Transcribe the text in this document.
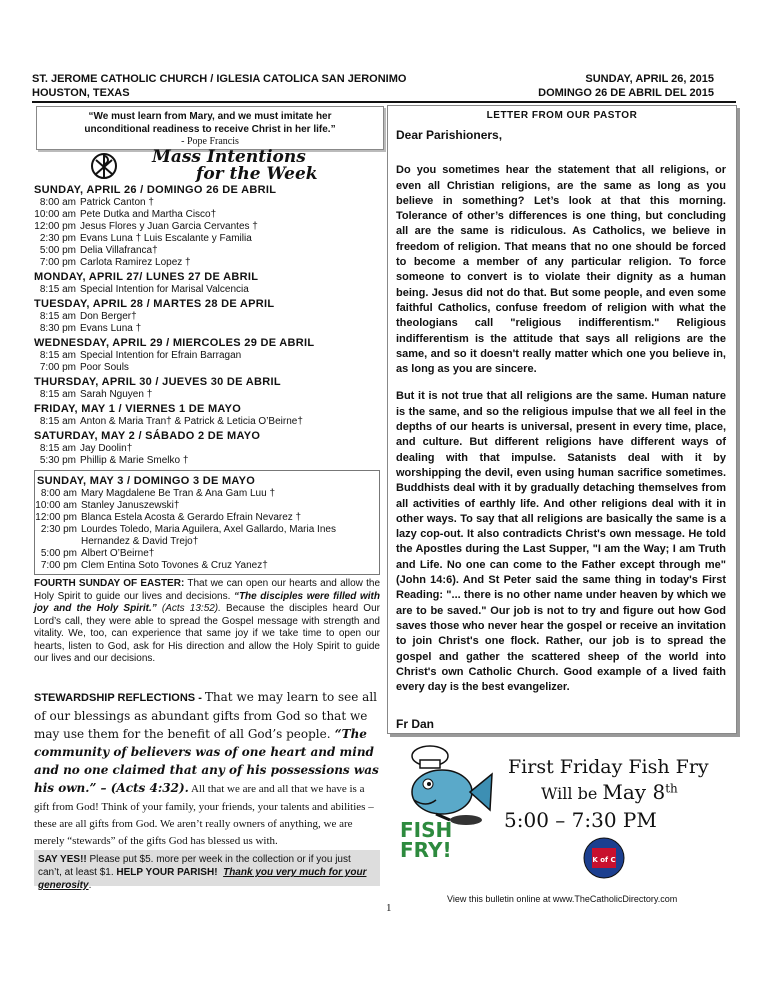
ST. JEROME CATHOLIC CHURCH / IGLESIA CATOLICA SAN JERONIMO
HOUSTON, TEXAS
SUNDAY, APRIL 26, 2015
DOMINGO 26 DE ABRIL DEL 2015
“We must learn from Mary, and we must imitate her
unconditional readiness to receive Christ in her life.”
- Pope Francis
Mass Intentions
for the Week
SUNDAY, APRIL 26 / DOMINGO 26 DE ABRIL
8:00 am Patrick Canton †
10:00 am Pete Dutka and Martha Cisco†
12:00 pm Jesus Flores y Juan Garcia Cervantes †
2:30 pm Evans Luna † Luis Escalante y Familia
5:00 pm Delia Villafranca†
7:00 pm Carlota Ramirez Lopez †
MONDAY, APRIL 27/ LUNES 27 DE ABRIL
8:15 am Special Intention for Marisal Valcencia
TUESDAY, APRIL 28 / MARTES 28 DE APRIL
8:15 am Don Berger†
8:30 pm Evans Luna †
WEDNESDAY, APRIL 29 / MIERCOLES 29 DE ABRIL
8:15 am Special Intention for Efrain Barragan
7:00 pm Poor Souls
THURSDAY, APRIL 30 / JUEVES 30 DE ABRIL
8:15 am Sarah Nguyen †
FRIDAY, MAY 1 / VIERNES 1 DE MAYO
8:15 am Anton & Maria Tran† & Patrick & Leticia O’Beirne†
SATURDAY, MAY 2 / SÁBADO 2 DE MAYO
8:15 am Jay Doolin†
5:30 pm Phillip & Marie Smelko †
SUNDAY, MAY 3 / DOMINGO 3 DE MAYO
8:00 am Mary Magdalene Be Tran & Ana Gam Luu †
10:00 am Stanley Januszewski†
12:00 pm Blanca Estela Acosta & Gerardo Efrain Nevarez †
2:30 pm Lourdes Toledo, Maria Aguilera, Axel Gallardo, Maria Ines Hernandez & David Trejo†
5:00 pm Albert O’Beirne†
7:00 pm Clem Entina Soto Tovones & Cruz Yanez†
FOURTH SUNDAY OF EASTER: That we can open our hearts and allow the Holy Spirit to guide our lives and decisions. “The disciples were filled with joy and the Holy Spirit.” (Acts 13:52). Because the disciples heard Our Lord’s call, they were able to spread the Gospel message with strength and vitality. We, too, can experience that same joy if we take time to open our hearts, listen to God, ask for His direction and allow the Holy Spirit to guide our lives and our decisions.
STEWARDSHIP REFLECTIONS - That we may learn to see all of our blessings as abundant gifts from God so that we may use them for the benefit of all God’s people. “The community of believers was of one heart and mind and no one claimed that any of his possessions was his own.” – (Acts 4:32). All that we are and all that we have is a gift from God! Think of your family, your friends, your talents and abilities – these are all gifts from God. We aren’t really owners of anything, we are merely “stewards” of the gifts God has blessed us with.
SAY YES!! Please put $5. more per week in the collection or if you just can’t, at least $1. HELP YOUR PARISH! Thank you very much for your generosity.
LETTER FROM OUR PASTOR

Dear Parishioners,

Do you sometimes hear the statement that all religions, or even all Christian religions, are the same as long as you believe in something? Let’s look at that this morning. Tolerance of other’s differences is one thing, but concluding all are the same is ridiculous. As Catholics, we believe in freedom of religion. That means that no one should be forced to become a member of any particular religion. To force someone to convert is to violate their dignity as a human being. Jesus did not do that. But some people, and even some faithful Catholics, confuse freedom of religion with what the theologians call "religious indifferentism." Religious indifferentism is the attitude that says all religions are the same, and so it doesn't really matter which one you believe in, as long as you are sincere.

But it is not true that all religions are the same. Human nature is the same, and so the religious impulse that we all feel in the depths of our hearts is universal, present in every time, place, and culture. But different religions have different ways of dealing with that impulse. Satanists deal with it by worshipping the devil, even using human sacrifice sometimes. Buddhists deal with it by gradually detaching themselves from all activities of earthly life. And other religions deal with it in other ways. To say that all religions are basically the same is a lazy cop-out. It also contradicts Christ's own message. He told the Apostles during the Last Supper, "I am the Way; I am Truth and Life. No one can come to the Father except through me" (John 14:6). And St Peter said the same thing in today's First Reading: "... there is no other name under heaven by which we are to be saved." Our job is not to try and figure out how God saves those who never hear the gospel or receive an invitation to join Christ's one flock. Rather, our job is to spread the gospel and gather the scattered sheep of the world into Christ's own Catholic Church. Good example of a lived faith every day is the best evangelizer.

Fr Dan
FISH FRY!
First Friday Fish Fry
Will be May 8th
5:00 – 7:30 PM
K of C
1
View this bulletin online at www.TheCatholicDirectory.com
